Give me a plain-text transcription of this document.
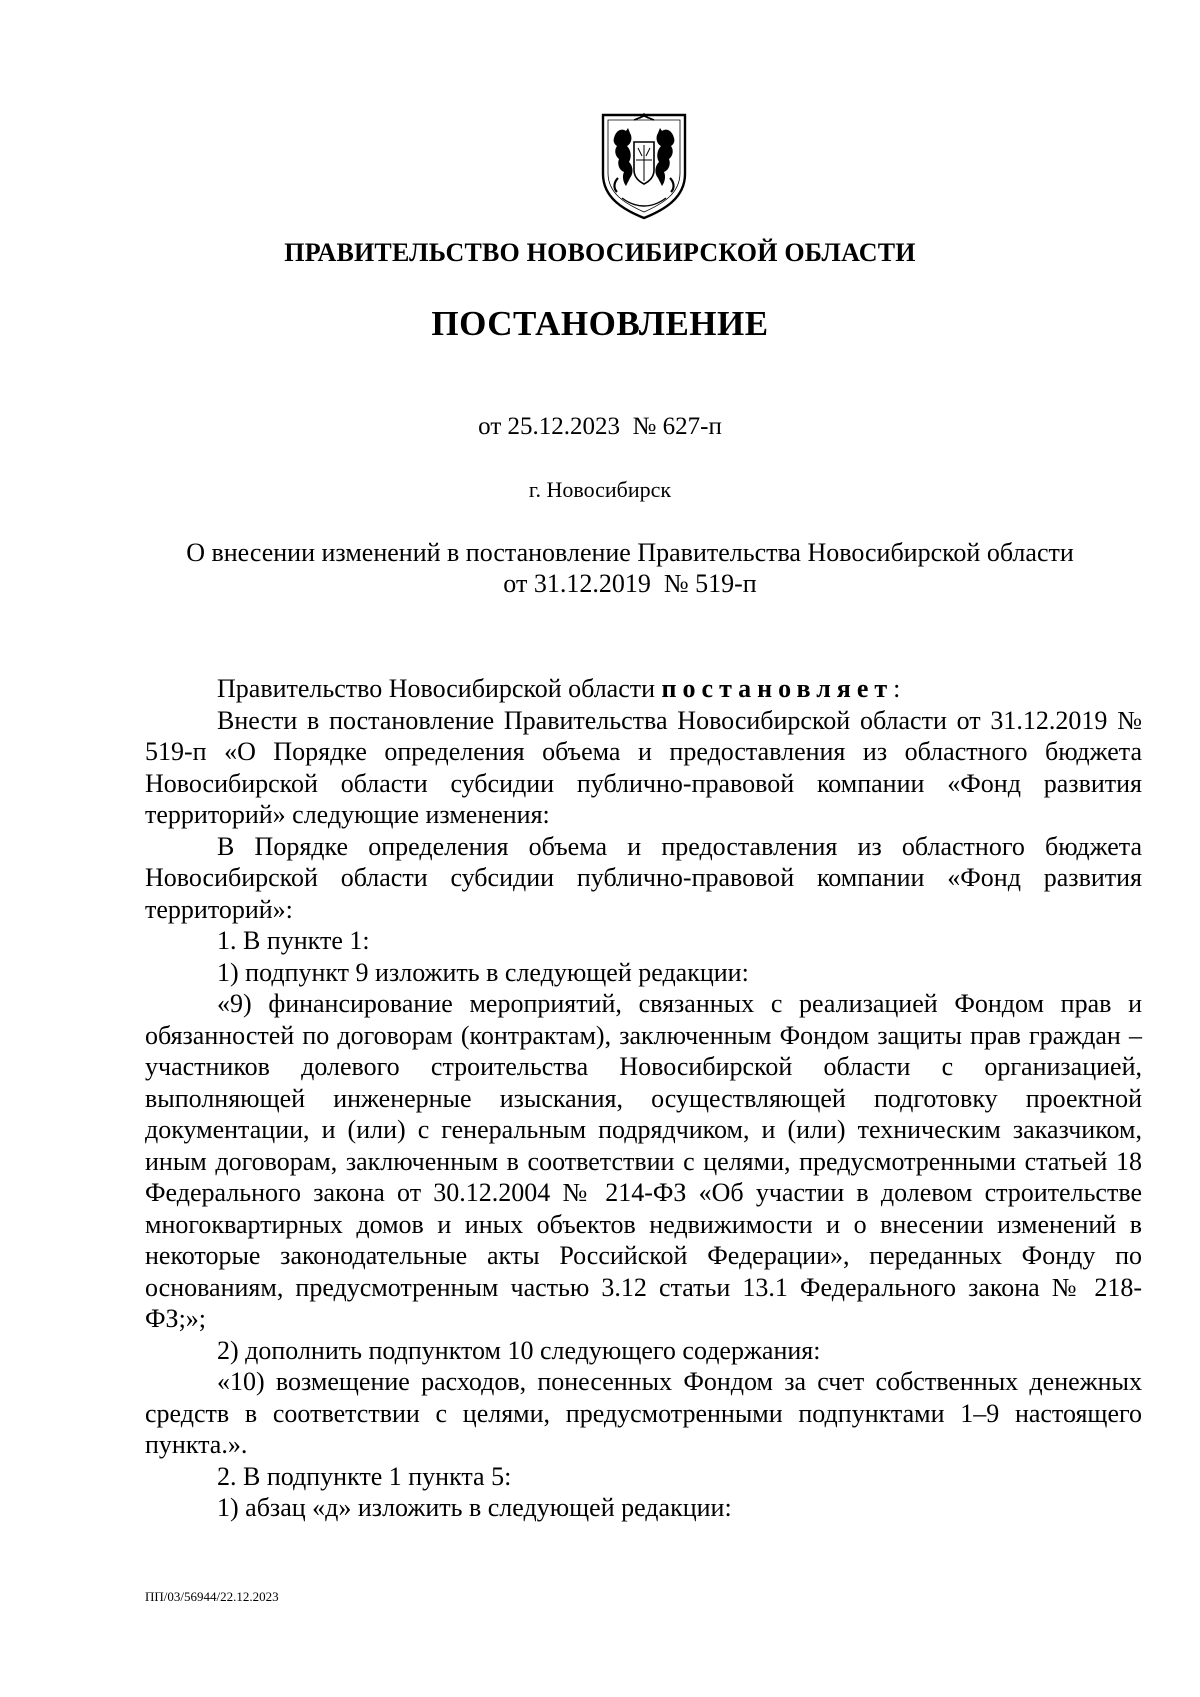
ПРАВИТЕЛЬСТВО НОВОСИБИРСКОЙ ОБЛАСТИ
ПОСТАНОВЛЕНИЕ
от 25.12.2023  № 627-п
г. Новосибирск
О внесении изменений в постановление Правительства Новосибирской области
от 31.12.2019  № 519-п

Правительство Новосибирской области постановляет:

Внести в постановление Правительства Новосибирской области от 31.12.2019 № 519-п «О Порядке определения объема и предоставления из областного бюджета Новосибирской области субсидии публично-правовой компании «Фонд развития территорий» следующие изменения:

В Порядке определения объема и предоставления из областного бюджета Новосибирской области субсидии публично-правовой компании «Фонд развития территорий»:

1. В пункте 1:

1) подпункт 9 изложить в следующей редакции:

«9) финансирование мероприятий, связанных с реализацией Фондом прав и обязанностей по договорам (контрактам), заключенным Фондом защиты прав граждан – участников долевого строительства Новосибирской области с организацией, выполняющей инженерные изыскания, осуществляющей подготовку проектной документации, и (или) с генеральным подрядчиком, и (или) техническим заказчиком, иным договорам, заключенным в соответствии с целями, предусмотренными статьей 18 Федерального закона от 30.12.2004 № 214-ФЗ «Об участии в долевом строительстве многоквартирных домов и иных объектов недвижимости и о внесении изменений в некоторые законодательные акты Российской Федерации», переданных Фонду по основаниям, предусмотренным частью 3.12 статьи 13.1 Федерального закона № 218-ФЗ;»;

2) дополнить подпунктом 10 следующего содержания:

«10) возмещение расходов, понесенных Фондом за счет собственных денежных средств в соответствии с целями, предусмотренными подпунктами 1–9 настоящего пункта.».

2. В подпункте 1 пункта 5:

1) абзац «д» изложить в следующей редакции:

ПП/03/56944/22.12.2023
